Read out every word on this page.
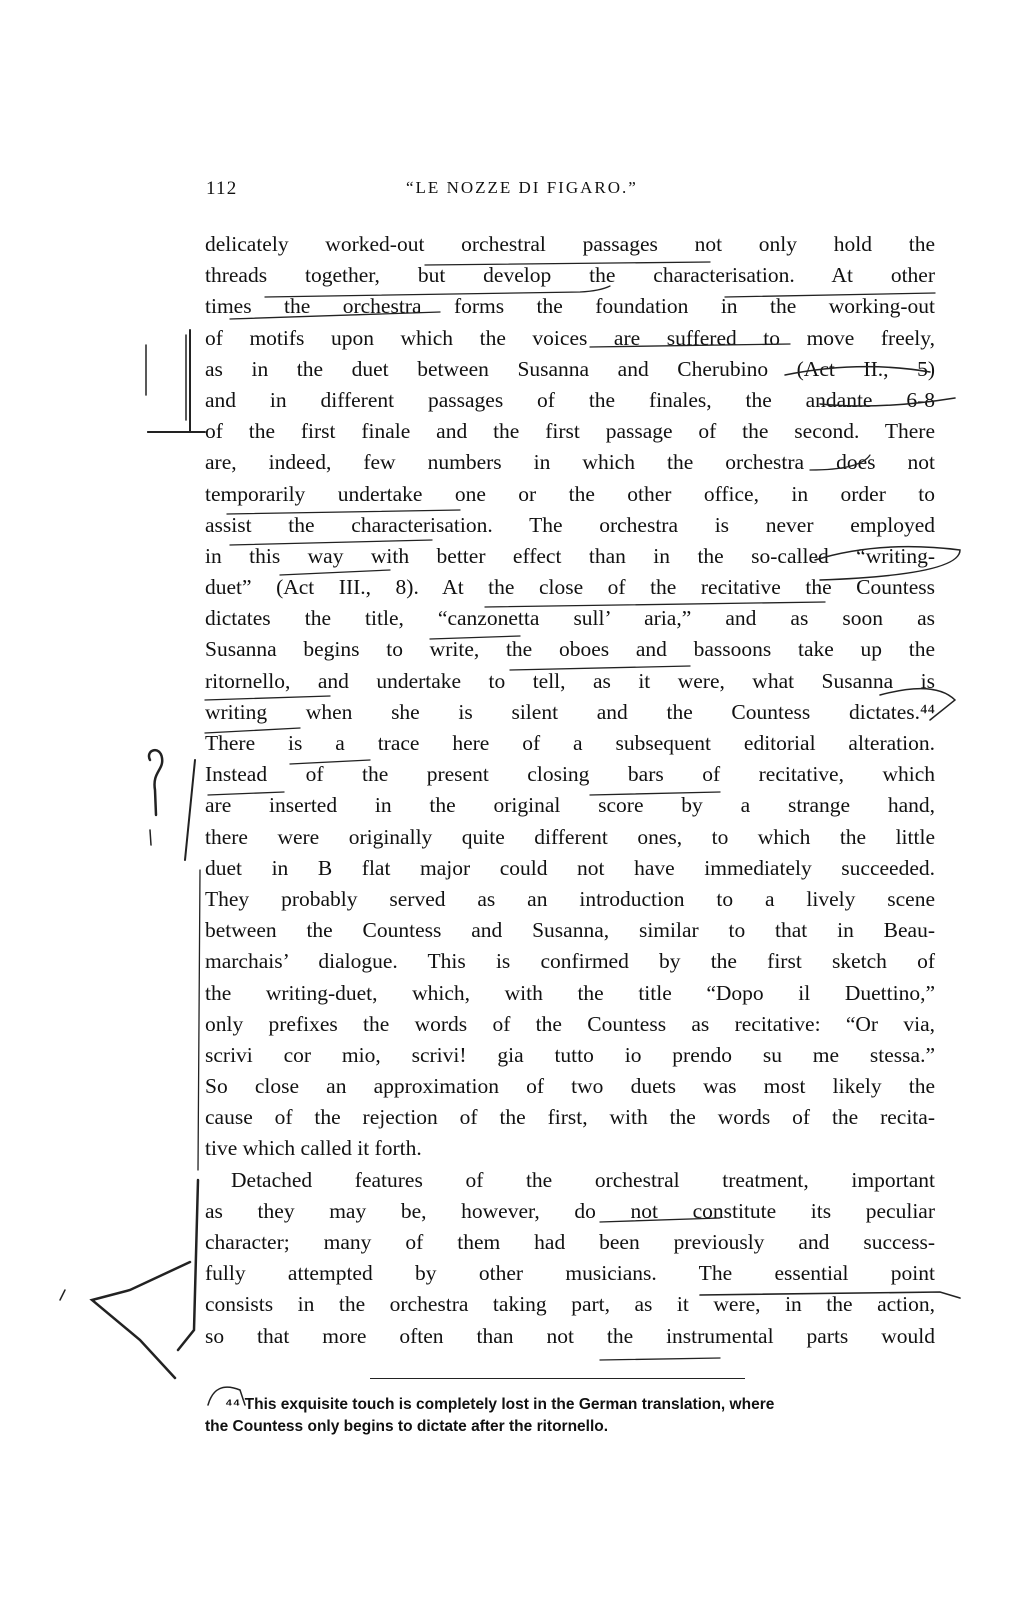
112	“LE NOZZE DI FIGARO.”
delicately worked-out orchestral passages not only hold the
threads together, but develop the characterisation. At other
times the orchestra forms the foundation in the working-out
of motifs upon which the voices are suffered to move freely,
as in the duet between Susanna and Cherubino (Act II., 5)
and in different passages of the finales, the andante 6-8
of the first finale and the first passage of the second. There
are, indeed, few numbers in which the orchestra does not
temporarily undertake one or the other office, in order to
assist the characterisation. The orchestra is never employed
in this way with better effect than in the so-called “writing-
duet” (Act III., 8). At the close of the recitative the Countess
dictates the title, “canzonetta sull’ aria,” and as soon as
Susanna begins to write, the oboes and bassoons take up the
ritornello, and undertake to tell, as it were, what Susanna is
writing when she is silent and the Countess dictates.⁴⁴
There is a trace here of a subsequent editorial alteration.
Instead of the present closing bars of recitative, which
are inserted in the original score by a strange hand,
there were originally quite different ones, to which the little
duet in B flat major could not have immediately succeeded.
They probably served as an introduction to a lively scene
between the Countess and Susanna, similar to that in Beau-
marchais’ dialogue. This is confirmed by the first sketch of
the writing-duet, which, with the title “Dopo il Duettino,”
only prefixes the words of the Countess as recitative: “Or via,
scrivi cor mio, scrivi! gia tutto io prendo su me stessa.”
So close an approximation of two duets was most likely the
cause of the rejection of the first, with the words of the recita-
tive which called it forth.
Detached features of the orchestral treatment, important
as they may be, however, do not constitute its peculiar
character; many of them had been previously and success-
fully attempted by other musicians. The essential point
consists in the orchestra taking part, as it were, in the action,
so that more often than not the instrumental parts would
⁴⁴ This exquisite touch is completely lost in the German translation, where
the Countess only begins to dictate after the ritornello.
